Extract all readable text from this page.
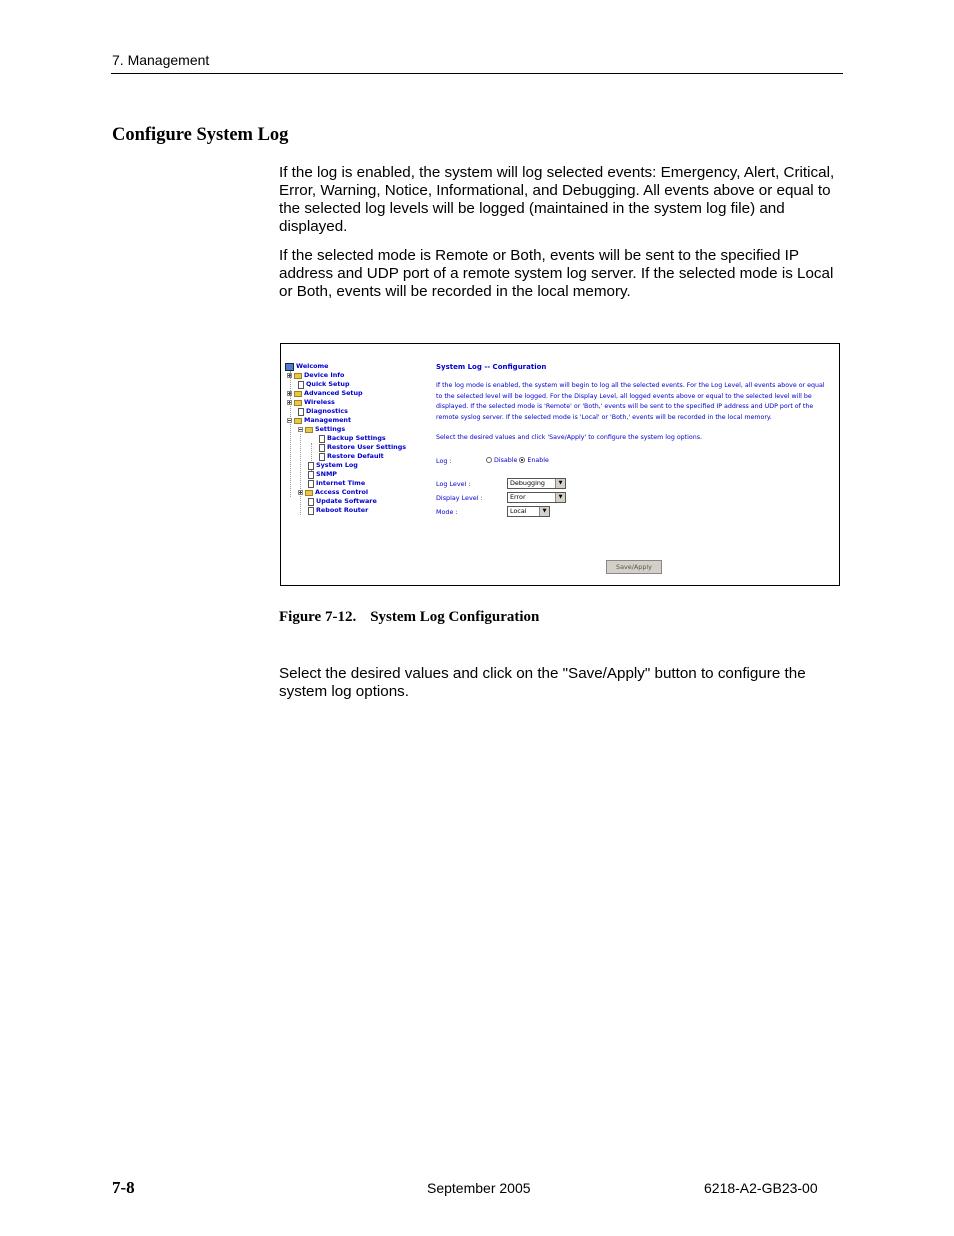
7. Management
Configure System Log
If the log is enabled, the system will log selected events: Emergency, Alert, Critical, Error, Warning, Notice, Informational, and Debugging. All events above or equal to the selected log levels will be logged (maintained in the system log file) and displayed.
If the selected mode is Remote or Both, events will be sent to the specified IP address and UDP port of a remote system log server. If the selected mode is Local or Both, events will be recorded in the local memory.
Welcome
Device Info
Quick Setup
Advanced Setup
Wireless
Diagnostics
Management
Settings
Backup Settings
Restore User Settings
Restore Default
System Log
SNMP
Internet Time
Access Control
Update Software
Reboot Router
System Log -- Configuration
If the log mode is enabled, the system will begin to log all the selected events. For the Log Level, all events above or equal to the selected level will be logged. For the Display Level, all logged events above or equal to the selected level will be displayed. If the selected mode is 'Remote' or 'Both,' events will be sent to the specified IP address and UDP port of the remote syslog server. If the selected mode is 'Local' or 'Both,' events will be recorded in the local memory.
Select the desired values and click 'Save/Apply' to configure the system log options.
Log :	Disable Enable
Log Level :	Debugging	▼
Display Level :	Error	▼
Mode :	Local	▼
Save/Apply
Figure 7-12. System Log Configuration
Select the desired values and click on the "Save/Apply" button to configure the system log options.
7-8	September 2005	6218-A2-GB23-00
